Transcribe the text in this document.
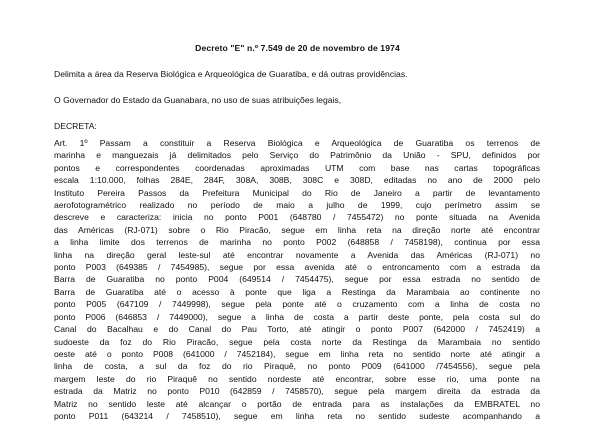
Decreto "E" n.º 7.549 de 20 de novembro de 1974
Delimita a área da Reserva Biológica e Arqueológica de Guaratiba, e dá outras providências.
O Governador do Estado da Guanabara, no uso de suas atribuições legais,
DECRETA:
Art. 1º Passam a constituir a Reserva Biológica e Arqueológica de Guaratiba os terrenos de
marinha e manguezais já delimitados pelo Serviço do Patrimônio da União - SPU, definidos por
pontos e correspondentes coordenadas aproximadas UTM com base nas cartas topográficas
escala 1:10.000, folhas 284E, 284F, 308A, 308B, 308C e 308D, editadas no ano de 2000 pelo
Instituto Pereira Passos da Prefeitura Municipal do Rio de Janeiro a partir de levantamento
aerofotogramétrico realizado no período de maio a julho de 1999, cujo perímetro assim se
descreve e caracteriza: inicia no ponto P001 (648780 / 7455472) no ponte situada na Avenida
das Américas (RJ-071) sobre o Rio Piracão, segue em linha reta na direção norte até encontrar
a linha limite dos terrenos de marinha no ponto P002 (648858 / 7458198), continua por essa
linha na direção geral leste-sul até encontrar novamente a Avenida das Américas (RJ-071) no
ponto P003 (649385 / 7454985), segue por essa avenida até o entroncamento com a estrada da
Barra de Guaratiba no ponto P004 (649514 / 7454475), segue por essa estrada no sentido de
Barra de Guaratiba até o acesso à ponte que liga a Restinga da Marambaia ao continente no
ponto P005 (647109 / 7449998), segue pela ponte até o cruzamento com a linha de costa no
ponto P006 (646853 / 7449000), segue a linha de costa a partir deste ponte, pela costa sul do
Canal do Bacalhau e do Canal do Pau Torto, até atingir o ponto P007 (642000 / 7452419) a
sudoeste da foz do Rio Piracão, segue pela costa norte da Restinga da Marambaia no sentido
oeste até o ponto P008 (641000 / 7452184), segue em linha reta no sentido norte até atingir a
linha de costa, a sul da foz do rio Piraquê, no ponto P009 (641000 /7454556), segue pela
margem leste do rio Piraquê no sentido nordeste até encontrar, sobre esse rio, uma ponte na
estrada da Matriz no ponto P010 (642859 / 7458570), segue pela margem direita da estrada da
Matriz no sentido leste até alcançar o portão de entrada para as instalações da EMBRATEL no
ponto P011 (643214 / 7458510), segue em linha reta no sentido sudeste acompanhando a
